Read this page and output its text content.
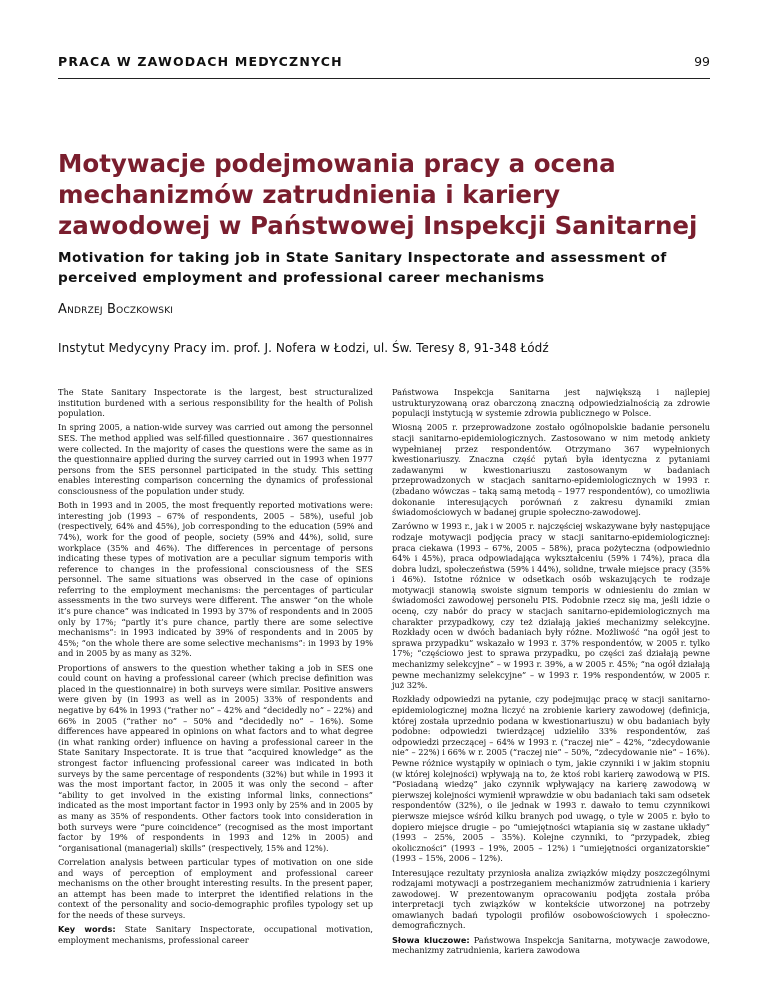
PRACA W ZAWODACH MEDYCZNYCH	99
Motywacje podejmowania pracy a ocena mechanizmów zatrudnienia i kariery zawodowej w Państwowej Inspekcji Sanitarnej
Motivation for taking job in State Sanitary Inspectorate and assessment of perceived employment and professional career mechanisms
Andrzej Boczkowski
Instytut Medycyny Pracy im. prof. J. Nofera w Łodzi, ul. Św. Teresy 8, 91-348 Łódź

The State Sanitary Inspectorate is the largest, best structuralized institution burdened with a serious responsibility for the health of Polish population.

In spring 2005, a nation-wide survey was carried out among the personnel SES. The method applied was self-filled questionnaire . 367 questionnaires were collected. In the majority of cases the questions were the same as in the questionnaire applied during the survey carried out in 1993 when 1977 persons from the SES personnel participated in the study. This setting enables interesting comparison concerning the dynamics of professional consciousness of the population under study.

Both in 1993 and in 2005, the most frequently reported motivations were: interesting job (1993 – 67% of respondents, 2005 – 58%), useful job (respectively, 64% and 45%), job corresponding to the education (59% and 74%), work for the good of people, society (59% and 44%), solid, sure workplace (35% and 46%). The differences in percentage of persons indicating these types of motivation are a peculiar signum temporis with reference to changes in the professional consciousness of the SES personnel. The same situations was observed in the case of opinions referring to the employment mechanisms: the percentages of particular assessments in the two surveys were different. The answer “on the whole it’s pure chance” was indicated in 1993 by 37% of respondents and in 2005 only by 17%; “partly it’s pure chance, partly there are some selective mechanisms”: in 1993 indicated by 39% of respondents and in 2005 by 45%; “on the whole there are some selective mechanisms”: in 1993 by 19% and in 2005 by as many as 32%.

Proportions of answers to the question whether taking a job in SES one could count on having a professional career (which precise definition was placed in the questionnaire) in both surveys were similar. Positive answers were given by (in 1993 as well as in 2005) 33% of respondents and negative by 64% in 1993 (“rather no” – 42% and “decidedly no” – 22%) and 66% in 2005 (“rather no” – 50% and “decidedly no” – 16%). Some differences have appeared in opinions on what factors and to what degree (in what ranking order) influence on having a professional career in the State Sanitary Inspectorate. It is true that “acquired knowledge” as the strongest factor influencing professional career was indicated in both surveys by the same percentage of respondents (32%) but while in 1993 it was the most important factor, in 2005 it was only the second – after “ability to get involved in the existing informal links, connections” indicated as the most important factor in 1993 only by 25% and in 2005 by as many as 35% of respondents. Other factors took into consideration in both surveys were “pure coincidence” (recognised as the most important factor by 19% of respondents in 1993 and 12% in 2005) and “organisational (managerial) skills” (respectively, 15% and 12%).

Correlation analysis between particular types of motivation on one side and ways of perception of employment and professional career mechanisms on the other brought interesting results. In the present paper, an attempt has been made to interpret the identified relations in the context of the personality and socio-demographic profiles typology set up for the needs of these surveys.

Key words: State Sanitary Inspectorate, occupational motivation, employment mechanisms, professional career

Państwowa Inspekcja Sanitarna jest największą i najlepiej ustrukturyzowaną oraz obarczoną znaczną odpowiedzialnością za zdrowie populacji instytucją w systemie zdrowia publicznego w Polsce.

Wiosną 2005 r. przeprowadzone zostało ogólnopolskie badanie personelu stacji sanitarno-epidemiologicznych. Zastosowano w nim metodę ankiety wypełnianej przez respondentów. Otrzymano 367 wypełnionych kwestionariuszy. Znaczna część pytań była identyczna z pytaniami zadawanymi w kwestionariuszu zastosowanym w badaniach przeprowadzonych w stacjach sanitarno-epidemiologicznych w 1993 r. (zbadano wówczas – taką samą metodą – 1977 respondentów), co umożliwia dokonanie interesujących porównań z zakresu dynamiki zmian świadomościowych w badanej grupie społeczno-zawodowej.

Zarówno w 1993 r., jak i w 2005 r. najczęściej wskazywane były następujące rodzaje motywacji podjęcia pracy w stacji sanitarno-epidemiologicznej: praca ciekawa (1993 – 67%, 2005 – 58%), praca pożyteczna (odpowiednio 64% i 45%), praca odpowiadająca wykształceniu (59% i 74%), praca dla dobra ludzi, społeczeństwa (59% i 44%), solidne, trwałe miejsce pracy (35% i 46%). Istotne różnice w odsetkach osób wskazujących te rodzaje motywacji stanowią swoiste signum temporis w odniesieniu do zmian w świadomości zawodowej personelu PIS. Podobnie rzecz się ma, jeśli idzie o ocenę, czy nabór do pracy w stacjach sanitarno-epidemiologicznych ma charakter przypadkowy, czy też działają jakieś mechanizmy selekcyjne. Rozkłady ocen w dwóch badaniach były różne. Możliwość “na ogół jest to sprawa przypadku” wskazało w 1993 r. 37% respondentów, w 2005 r. tylko 17%; “częściowo jest to sprawa przypadku, po części zaś działają pewne mechanizmy selekcyjne” – w 1993 r. 39%, a w 2005 r. 45%; “na ogół działają pewne mechanizmy selekcyjne” – w 1993 r. 19% respondentów, w 2005 r. już 32%.

Rozkłady odpowiedzi na pytanie, czy podejmując pracę w stacji sanitarno-epidemiologicznej można liczyć na zrobienie kariery zawodowej (definicja, której została uprzednio podana w kwestionariuszu) w obu badaniach były podobne: odpowiedzi twierdzącej udzieliło 33% respondentów, zaś odpowiedzi przeczącej – 64% w 1993 r. (“raczej nie” – 42%, “zdecydowanie nie” – 22%) i 66% w r. 2005 (“raczej nie” – 50%, “zdecydowanie nie” – 16%). Pewne różnice wystąpiły w opiniach o tym, jakie czynniki i w jakim stopniu (w której kolejności) wpływają na to, że ktoś robi karierę zawodową w PIS. “Posiadaną wiedzę” jako czynnik wpływający na karierę zawodową w pierwszej kolejności wymienił wprawdzie w obu badaniach taki sam odsetek respondentów (32%), o ile jednak w 1993 r. dawało to temu czynnikowi pierwsze miejsce wśród kilku branych pod uwagę, o tyle w 2005 r. było to dopiero miejsce drugie – po “umiejętności wtapiania się w zastane układy” (1993 – 25%, 2005 – 35%). Kolejne czynniki, to “przypadek, zbieg okoliczności” (1993 – 19%, 2005 – 12%) i “umiejętności organizatorskie” (1993 – 15%, 2006 – 12%).

Interesujące rezultaty przyniosła analiza związków między poszczególnymi rodzajami motywacji a postrzeganiem mechanizmów zatrudnienia i kariery zawodowej. W prezentowanym opracowaniu podjęta została próba interpretacji tych związków w kontekście utworzonej na potrzeby omawianych badań typologii profilów osobowościowych i społeczno-demograficznych.

Słowa kluczowe: Państwowa Inspekcja Sanitarna, motywacje zawodowe, mechanizmy zatrudnienia, kariera zawodowa
